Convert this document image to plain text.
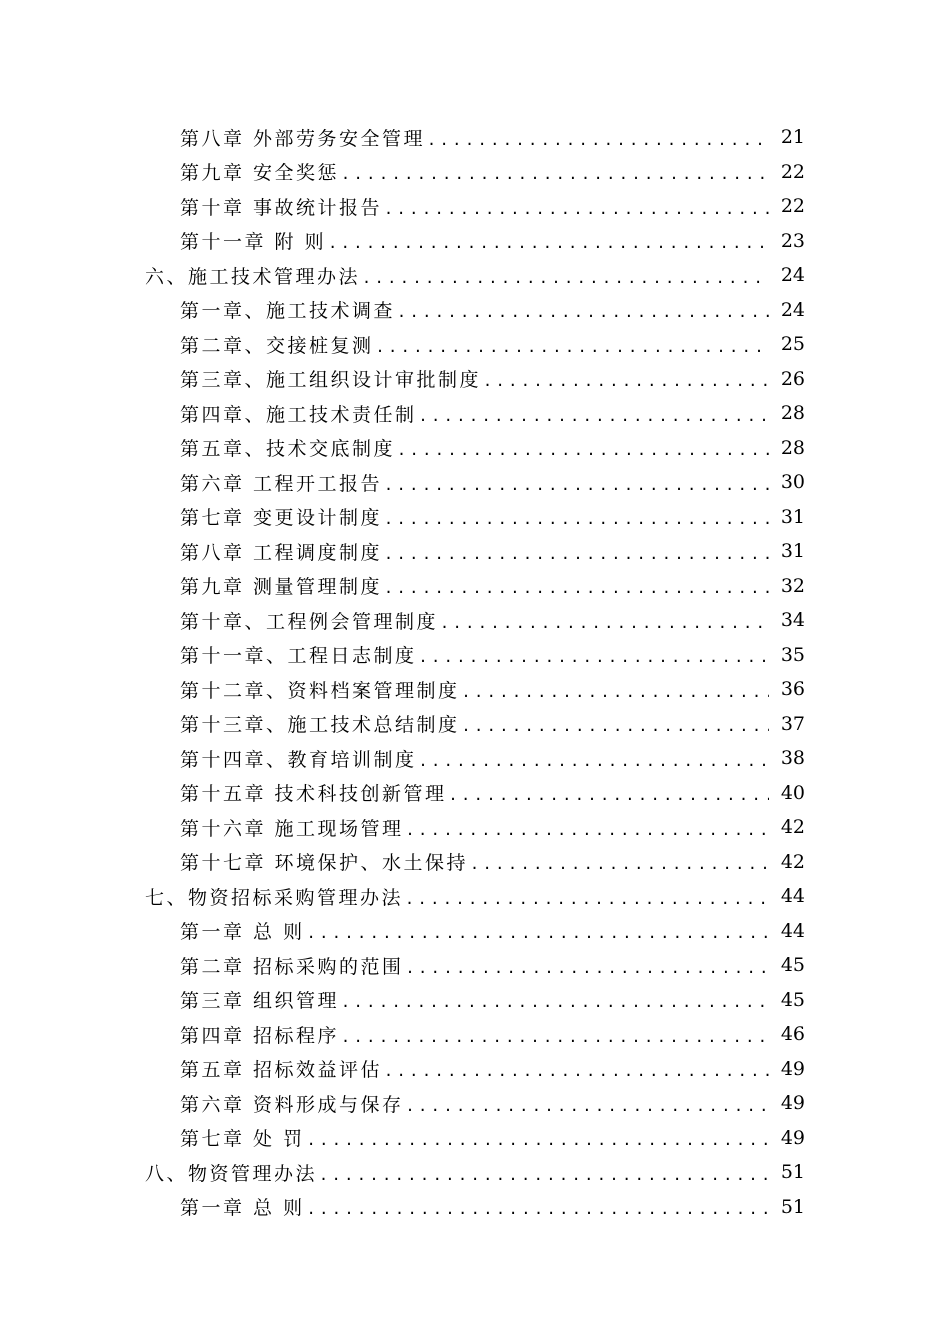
第八章 外部劳务安全管理 .....	21
第九章 安全奖惩 .....	22
第十章 事故统计报告 .....	22
第十一章 附 则 .....	23
六、施工技术管理办法 .....	24
第一章、施工技术调查 .....	24
第二章、交接桩复测 .....	25
第三章、施工组织设计审批制度 .....	26
第四章、施工技术责任制 .....	28
第五章、技术交底制度 .....	28
第六章 工程开工报告 .....	30
第七章 变更设计制度 .....	31
第八章 工程调度制度 .....	31
第九章 测量管理制度 .....	32
第十章、工程例会管理制度 .....	34
第十一章、工程日志制度 .....	35
第十二章、资料档案管理制度 .....	36
第十三章、施工技术总结制度 .....	37
第十四章、教育培训制度 .....	38
第十五章 技术科技创新管理 .....	40
第十六章 施工现场管理 .....	42
第十七章 环境保护、水土保持 .....	42
七、物资招标采购管理办法 .....	44
第一章 总 则 .....	44
第二章 招标采购的范围 .....	45
第三章 组织管理 .....	45
第四章 招标程序 .....	46
第五章 招标效益评估 .....	49
第六章 资料形成与保存 .....	49
第七章 处 罚 .....	49
八、物资管理办法 .....	51
第一章 总 则 .....	51
